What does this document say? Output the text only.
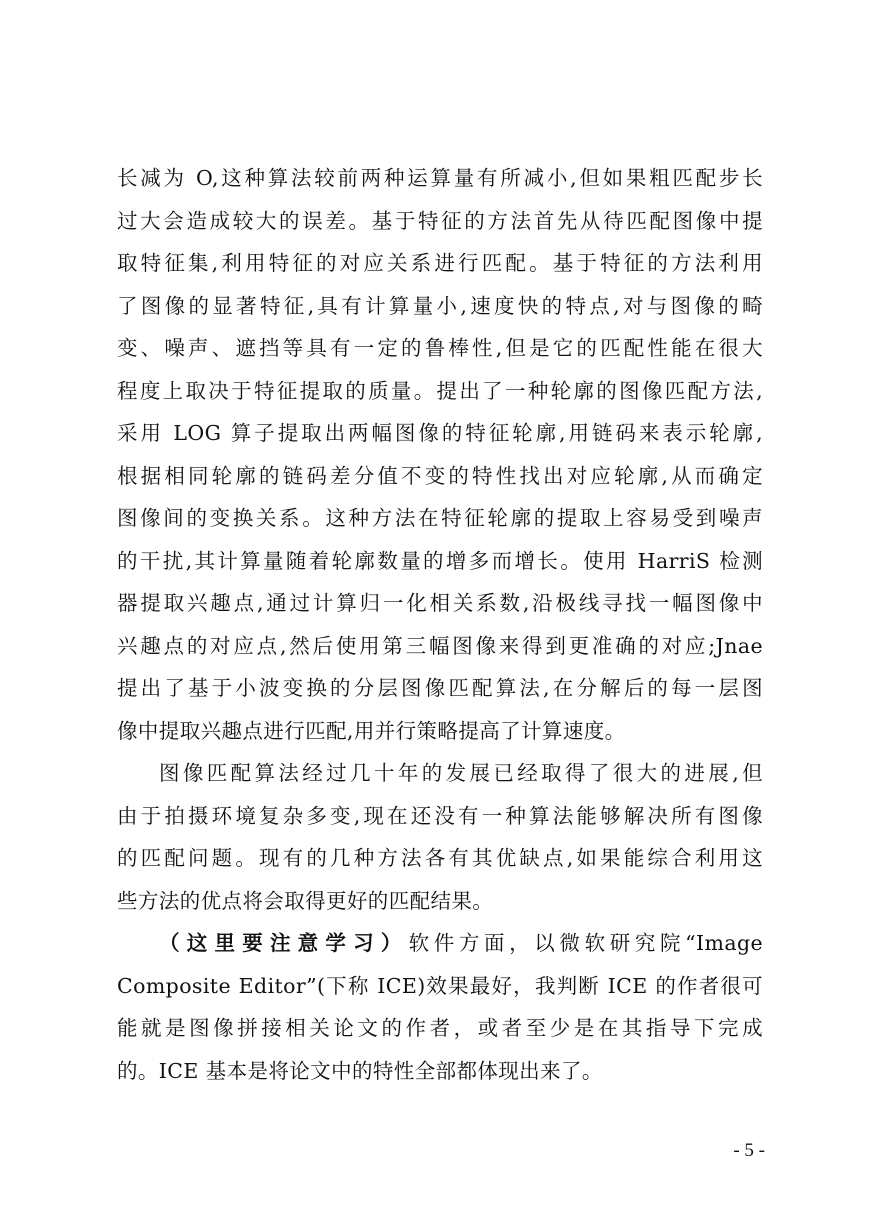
长减为 O,这种算法较前两种运算量有所减小,但如果粗匹配步长
过大会造成较大的误差。基于特征的方法首先从待匹配图像中提
取特征集,利用特征的对应关系进行匹配。基于特征的方法利用
了图像的显著特征,具有计算量小,速度快的特点,对与图像的畸
变、噪声、遮挡等具有一定的鲁棒性,但是它的匹配性能在很大
程度上取决于特征提取的质量。提出了一种轮廓的图像匹配方法,
采用 LOG 算子提取出两幅图像的特征轮廓,用链码来表示轮廓,
根据相同轮廓的链码差分值不变的特性找出对应轮廓,从而确定
图像间的变换关系。这种方法在特征轮廓的提取上容易受到噪声
的干扰,其计算量随着轮廓数量的增多而增长。使用 HarriS 检测
器提取兴趣点,通过计算归一化相关系数,沿极线寻找一幅图像中
兴趣点的对应点,然后使用第三幅图像来得到更准确的对应;Jnae
提出了基于小波变换的分层图像匹配算法,在分解后的每一层图
像中提取兴趣点进行匹配,用并行策略提高了计算速度。
图像匹配算法经过几十年的发展已经取得了很大的进展,但
由于拍摄环境复杂多变,现在还没有一种算法能够解决所有图像
的匹配问题。现有的几种方法各有其优缺点,如果能综合利用这
些方法的优点将会取得更好的匹配结果。
（这里要注意学习）软件方面，以微软研究院“Image
Composite Editor”(下称 ICE)效果最好，我判断 ICE 的作者很可
能就是图像拼接相关论文的作者，或者至少是在其指导下完成
的。ICE 基本是将论文中的特性全部都体现出来了。
- 5 -
